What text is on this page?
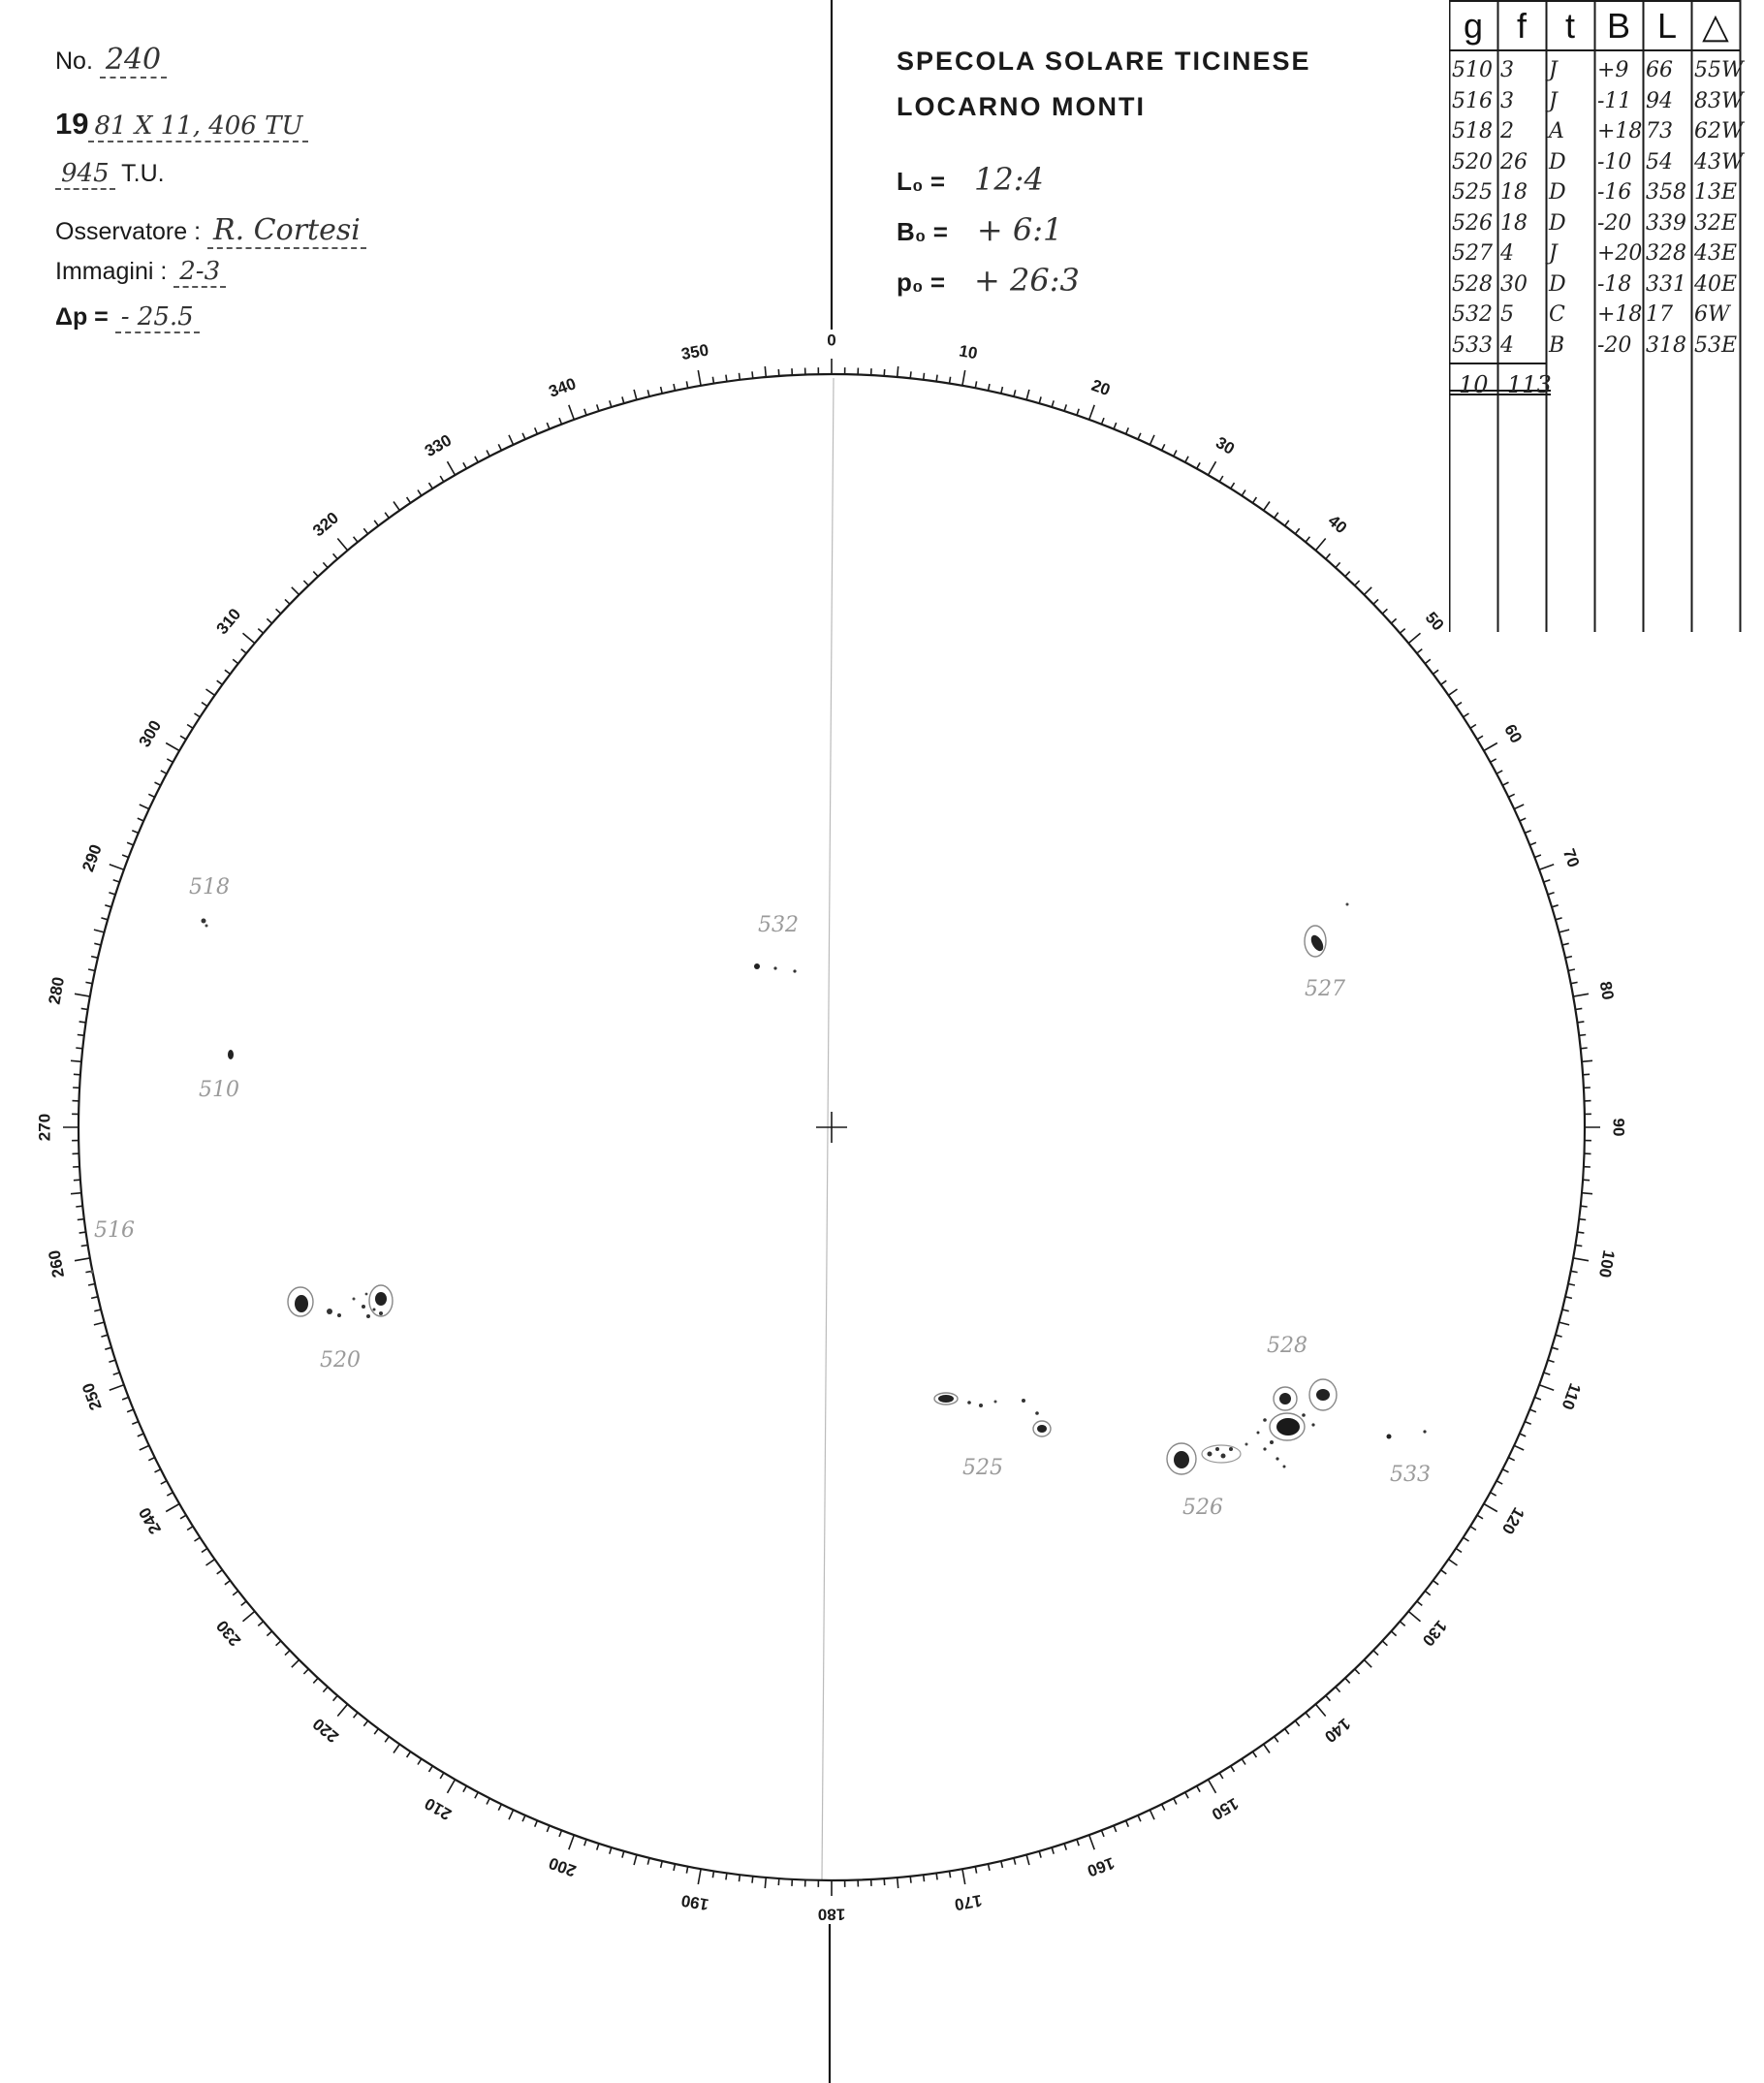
No. 240
19 81 X 11, 406 TU
945 T.U.
Osservatore : R. Cortesi
Immagini : 2-3
Δp = - 25.5
SPECOLA SOLARE TICINESE
LOCARNO MONTI
L₀ = 12:4
B₀ = + 6:1
p₀ = + 26:3
g f	t B L △
510 3 J +9 66 55W
516 3 J -11 94 83W
518 2 A +18 73 62W
520 26 D -10 54 43W
525 18 D -16 358 13E
526 18 D -20 339 32E
527 4 J +20 328 43E
528 30 D -18 331 40E
532 5 C +18 17 6W
533 4 B -20 318 53E
10 113
0
10
20
30
40
50
60
70
80
90
100
110
120
130
140
150
160
170
180
190
200
210
220
230
240
250
260
270
280
290
300
310
320
330
340
350
518
532
527
510
516
520
528
525	533
526
